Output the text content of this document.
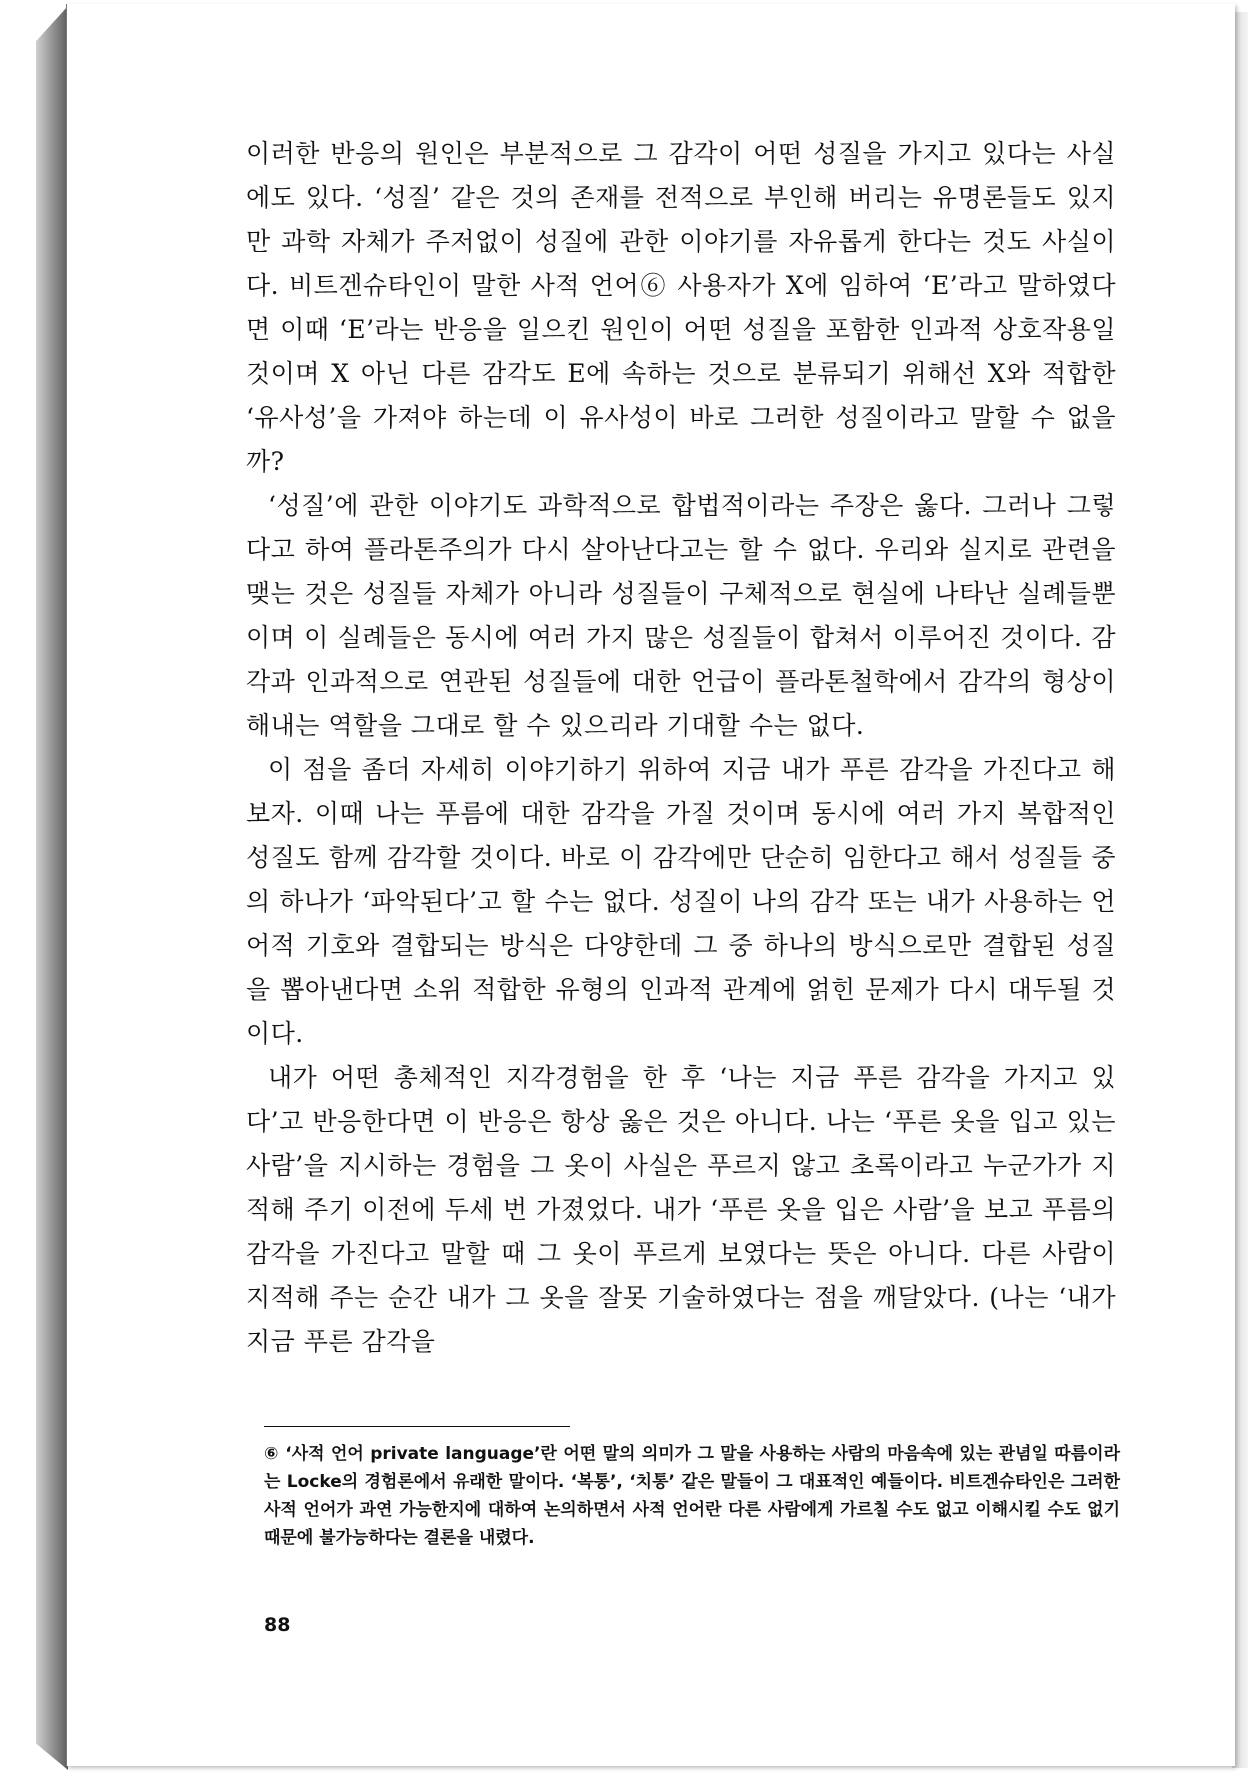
이러한 반응의 원인은 부분적으로 그 감각이 어떤 성질을 가지고 있다는 사실에도 있다. ‘성질’ 같은 것의 존재를 전적으로 부인해 버리는 유명론들도 있지만 과학 자체가 주저없이 성질에 관한 이야기를 자유롭게 한다는 것도 사실이다. 비트겐슈타인이 말한 사적 언어⑥ 사용자가 X에 임하여 ‘E’라고 말하였다면 이때 ‘E’라는 반응을 일으킨 원인이 어떤 성질을 포함한 인과적 상호작용일 것이며 X 아닌 다른 감각도 E에 속하는 것으로 분류되기 위해선 X와 적합한 ‘유사성’을 가져야 하는데 이 유사성이 바로 그러한 성질이라고 말할 수 없을까?

‘성질’에 관한 이야기도 과학적으로 합법적이라는 주장은 옳다. 그러나 그렇다고 하여 플라톤주의가 다시 살아난다고는 할 수 없다. 우리와 실지로 관련을 맺는 것은 성질들 자체가 아니라 성질들이 구체적으로 현실에 나타난 실례들뿐이며 이 실례들은 동시에 여러 가지 많은 성질들이 합쳐서 이루어진 것이다. 감각과 인과적으로 연관된 성질들에 대한 언급이 플라톤철학에서 감각의 형상이 해내는 역할을 그대로 할 수 있으리라 기대할 수는 없다.

이 점을 좀더 자세히 이야기하기 위하여 지금 내가 푸른 감각을 가진다고 해 보자. 이때 나는 푸름에 대한 감각을 가질 것이며 동시에 여러 가지 복합적인 성질도 함께 감각할 것이다. 바로 이 감각에만 단순히 임한다고 해서 성질들 중의 하나가 ‘파악된다’고 할 수는 없다. 성질이 나의 감각 또는 내가 사용하는 언어적 기호와 결합되는 방식은 다양한데 그 중 하나의 방식으로만 결합된 성질을 뽑아낸다면 소위 적합한 유형의 인과적 관계에 얽힌 문제가 다시 대두될 것이다.

내가 어떤 총체적인 지각경험을 한 후 ‘나는 지금 푸른 감각을 가지고 있다’고 반응한다면 이 반응은 항상 옳은 것은 아니다. 나는 ‘푸른 옷을 입고 있는 사람’을 지시하는 경험을 그 옷이 사실은 푸르지 않고 초록이라고 누군가가 지적해 주기 이전에 두세 번 가졌었다. 내가 ‘푸른 옷을 입은 사람’을 보고 푸름의 감각을 가진다고 말할 때 그 옷이 푸르게 보였다는 뜻은 아니다. 다른 사람이 지적해 주는 순간 내가 그 옷을 잘못 기술하였다는 점을 깨달았다. (나는 ‘내가 지금 푸른 감각을

⑥ ‘사적 언어 private language’란 어떤 말의 의미가 그 말을 사용하는 사람의 마음속에 있는 관념일 따름이라는 Locke의 경험론에서 유래한 말이다. ‘복통’, ‘치통’ 같은 말들이 그 대표적인 예들이다. 비트겐슈타인은 그러한 사적 언어가 과연 가능한지에 대하여 논의하면서 사적 언어란 다른 사람에게 가르칠 수도 없고 이해시킬 수도 없기 때문에 불가능하다는 결론을 내렸다.
88
